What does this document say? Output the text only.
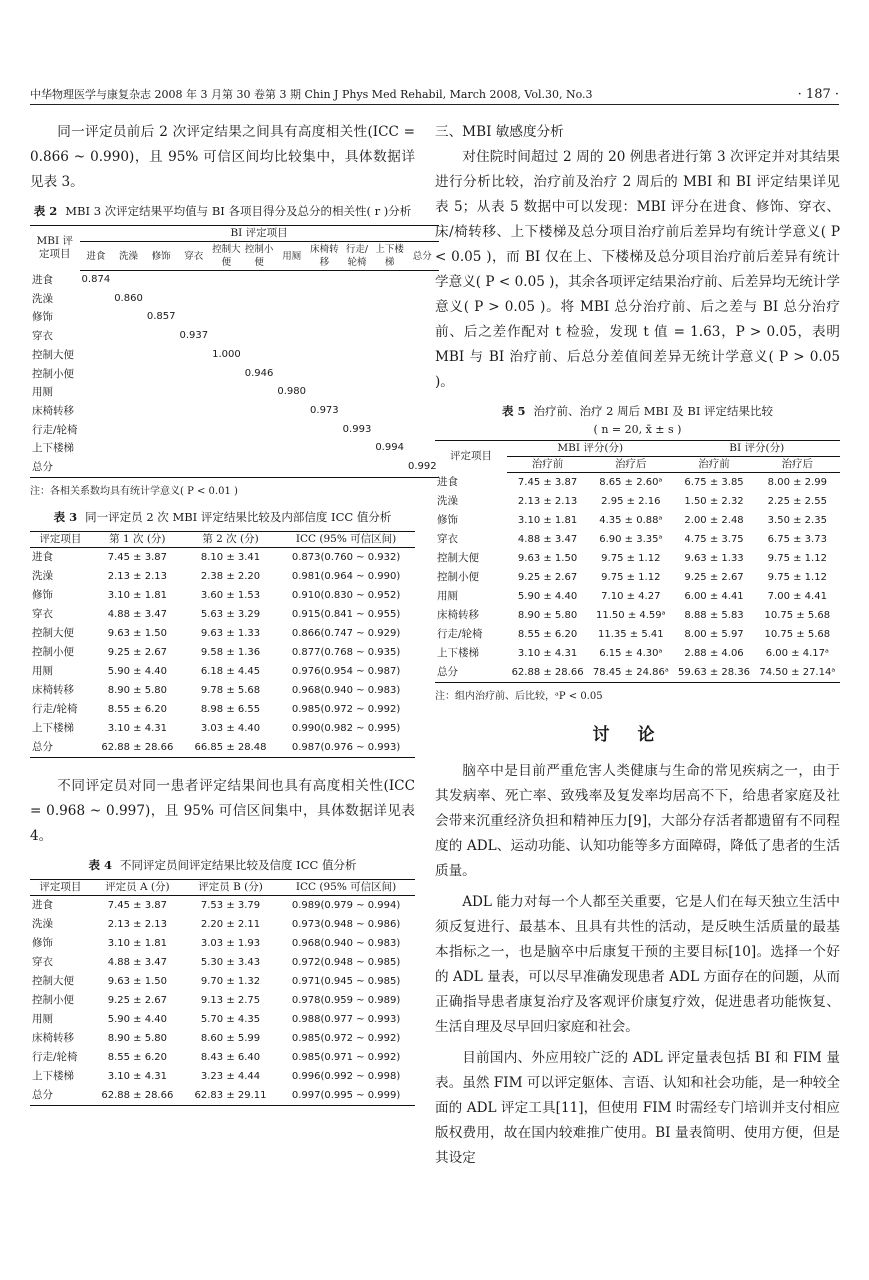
中华物理医学与康复杂志 2008 年 3 月第 30 卷第 3 期 Chin J Phys Med Rehabil, March 2008, Vol.30, No.3	· 187 ·

同一评定员前后 2 次评定结果之间具有高度相关性(ICC = 0.866 ~ 0.990)，且 95% 可信区间均比较集中，具体数据详见表 3。

表 2 MBI 3 次评定结果平均值与 BI 各项目得分及总分的相关性( r )分析
MBI 评定项目	BI 评定项目										
	进食	洗澡	修饰	穿衣	控制大便	控制小便	用厕	床椅转移	行走/轮椅	上下楼梯	总分
进食	0.874										
洗澡		0.860									
修饰			0.857								
穿衣				0.937							
控制大便					1.000						
控制小便						0.946					
用厕							0.980				
床椅转移								0.973			
行走/轮椅									0.993		
上下楼梯										0.994	
总分											0.992
注：各相关系数均具有统计学意义( P < 0.01 )
表 3 同一评定员 2 次 MBI 评定结果比较及内部信度 ICC 值分析
评定项目	第 1 次 (分)	第 2 次 (分)	ICC (95% 可信区间)
进食	7.45 ± 3.87	8.10 ± 3.41	0.873(0.760 ~ 0.932)
洗澡	2.13 ± 2.13	2.38 ± 2.20	0.981(0.964 ~ 0.990)
修饰	3.10 ± 1.81	3.60 ± 1.53	0.910(0.830 ~ 0.952)
穿衣	4.88 ± 3.47	5.63 ± 3.29	0.915(0.841 ~ 0.955)
控制大便	9.63 ± 1.50	9.63 ± 1.33	0.866(0.747 ~ 0.929)
控制小便	9.25 ± 2.67	9.58 ± 1.36	0.877(0.768 ~ 0.935)
用厕	5.90 ± 4.40	6.18 ± 4.45	0.976(0.954 ~ 0.987)
床椅转移	8.90 ± 5.80	9.78 ± 5.68	0.968(0.940 ~ 0.983)
行走/轮椅	8.55 ± 6.20	8.98 ± 6.55	0.985(0.972 ~ 0.992)
上下楼梯	3.10 ± 4.31	3.03 ± 4.40	0.990(0.982 ~ 0.995)
总分	62.88 ± 28.66	66.85 ± 28.48	0.987(0.976 ~ 0.993)

不同评定员对同一患者评定结果间也具有高度相关性(ICC = 0.968 ~ 0.997)，且 95% 可信区间集中，具体数据详见表 4。

表 4 不同评定员间评定结果比较及信度 ICC 值分析
评定项目	评定员 A (分)	评定员 B (分)	ICC (95% 可信区间)
进食	7.45 ± 3.87	7.53 ± 3.79	0.989(0.979 ~ 0.994)
洗澡	2.13 ± 2.13	2.20 ± 2.11	0.973(0.948 ~ 0.986)
修饰	3.10 ± 1.81	3.03 ± 1.93	0.968(0.940 ~ 0.983)
穿衣	4.88 ± 3.47	5.30 ± 3.43	0.972(0.948 ~ 0.985)
控制大便	9.63 ± 1.50	9.70 ± 1.32	0.971(0.945 ~ 0.985)
控制小便	9.25 ± 2.67	9.13 ± 2.75	0.978(0.959 ~ 0.989)
用厕	5.90 ± 4.40	5.70 ± 4.35	0.988(0.977 ~ 0.993)
床椅转移	8.90 ± 5.80	8.60 ± 5.99	0.985(0.972 ~ 0.992)
行走/轮椅	8.55 ± 6.20	8.43 ± 6.40	0.985(0.971 ~ 0.992)
上下楼梯	3.10 ± 4.31	3.23 ± 4.44	0.996(0.992 ~ 0.998)
总分	62.88 ± 28.66	62.83 ± 29.11	0.997(0.995 ~ 0.999)
三、MBI 敏感度分析

对住院时间超过 2 周的 20 例患者进行第 3 次评定并对其结果进行分析比较，治疗前及治疗 2 周后的 MBI 和 BI 评定结果详见表 5；从表 5 数据中可以发现：MBI 评分在进食、修饰、穿衣、床/椅转移、上下楼梯及总分项目治疗前后差异均有统计学意义( P < 0.05 )，而 BI 仅在上、下楼梯及总分项目治疗前后差异有统计学意义( P < 0.05 )，其余各项评定结果治疗前、后差异均无统计学意义( P > 0.05 )。将 MBI 总分治疗前、后之差与 BI 总分治疗前、后之差作配对 t 检验，发现 t 值 = 1.63，P > 0.05，表明 MBI 与 BI 治疗前、后总分差值间差异无统计学意义( P > 0.05 )。

表 5 治疗前、治疗 2 周后 MBI 及 BI 评定结果比较
( n = 20, x̄ ± s )
评定项目	MBI 评分(分)		BI 评分(分)	
	治疗前	治疗后	治疗前	治疗后
进食	7.45 ± 3.87	8.65 ± 2.60ᵃ	6.75 ± 3.85	8.00 ± 2.99
洗澡	2.13 ± 2.13	2.95 ± 2.16	1.50 ± 2.32	2.25 ± 2.55
修饰	3.10 ± 1.81	4.35 ± 0.88ᵃ	2.00 ± 2.48	3.50 ± 2.35
穿衣	4.88 ± 3.47	6.90 ± 3.35ᵃ	4.75 ± 3.75	6.75 ± 3.73
控制大便	9.63 ± 1.50	9.75 ± 1.12	9.63 ± 1.33	9.75 ± 1.12
控制小便	9.25 ± 2.67	9.75 ± 1.12	9.25 ± 2.67	9.75 ± 1.12
用厕	5.90 ± 4.40	7.10 ± 4.27	6.00 ± 4.41	7.00 ± 4.41
床椅转移	8.90 ± 5.80	11.50 ± 4.59ᵃ	8.88 ± 5.83	10.75 ± 5.68
行走/轮椅	8.55 ± 6.20	11.35 ± 5.41	8.00 ± 5.97	10.75 ± 5.68
上下楼梯	3.10 ± 4.31	6.15 ± 4.30ᵃ	2.88 ± 4.06	6.00 ± 4.17ᵃ
总分	62.88 ± 28.66	78.45 ± 24.86ᵃ	59.63 ± 28.36	74.50 ± 27.14ᵃ
注：组内治疗前、后比较，ᵃP < 0.05
讨论

脑卒中是目前严重危害人类健康与生命的常见疾病之一，由于其发病率、死亡率、致残率及复发率均居高不下，给患者家庭及社会带来沉重经济负担和精神压力[9]，大部分存活者都遗留有不同程度的 ADL、运动功能、认知功能等多方面障碍，降低了患者的生活质量。

ADL 能力对每一个人都至关重要，它是人们在每天独立生活中须反复进行、最基本、且具有共性的活动，是反映生活质量的最基本指标之一，也是脑卒中后康复干预的主要目标[10]。选择一个好的 ADL 量表，可以尽早准确发现患者 ADL 方面存在的问题，从而正确指导患者康复治疗及客观评价康复疗效，促进患者功能恢复、生活自理及尽早回归家庭和社会。

目前国内、外应用较广泛的 ADL 评定量表包括 BI 和 FIM 量表。虽然 FIM 可以评定躯体、言语、认知和社会功能，是一种较全面的 ADL 评定工具[11]，但使用 FIM 时需经专门培训并支付相应版权费用，故在国内较难推广使用。BI 量表简明、使用方便，但是其设定
